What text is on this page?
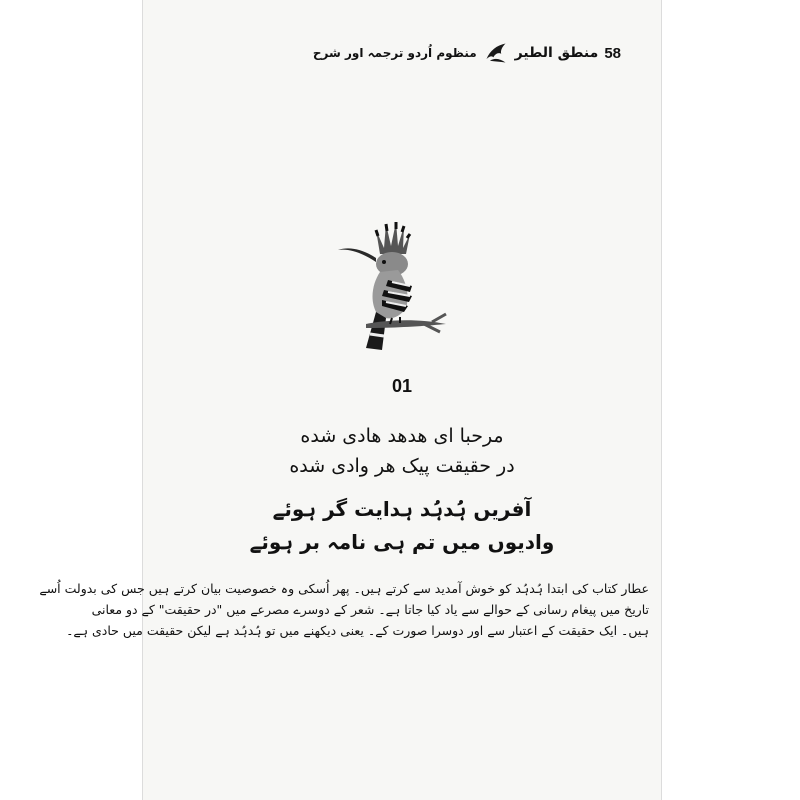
58
منطق الطیر
منظوم اُردو ترجمہ اور شرح
01
مرحبا ای هدهد هادی شده
در حقیقت پیک هر وادی شده
آفریں ہُدہُد ہدایت گر ہوئے
وادیوں میں تم ہی نامہ بر ہوئے
عطار کتاب کی ابتدا ہُدہُد کو خوش آمدید سے کرتے ہیں۔ پھر اُسکی وہ خصوصیت بیان کرتے ہیں جس کی بدولت اُسے
تاریخ میں پیغام رسانی کے حوالے سے یاد کیا جاتا ہے۔ شعر کے دوسرے مصرعے میں "در حقیقت" کے دو معانی
ہیں۔ ایک حقیقت کے اعتبار سے اور دوسرا صورت کے۔ یعنی دیکھنے میں تو ہُدہُد ہے لیکن حقیقت میں حادی ہے۔
